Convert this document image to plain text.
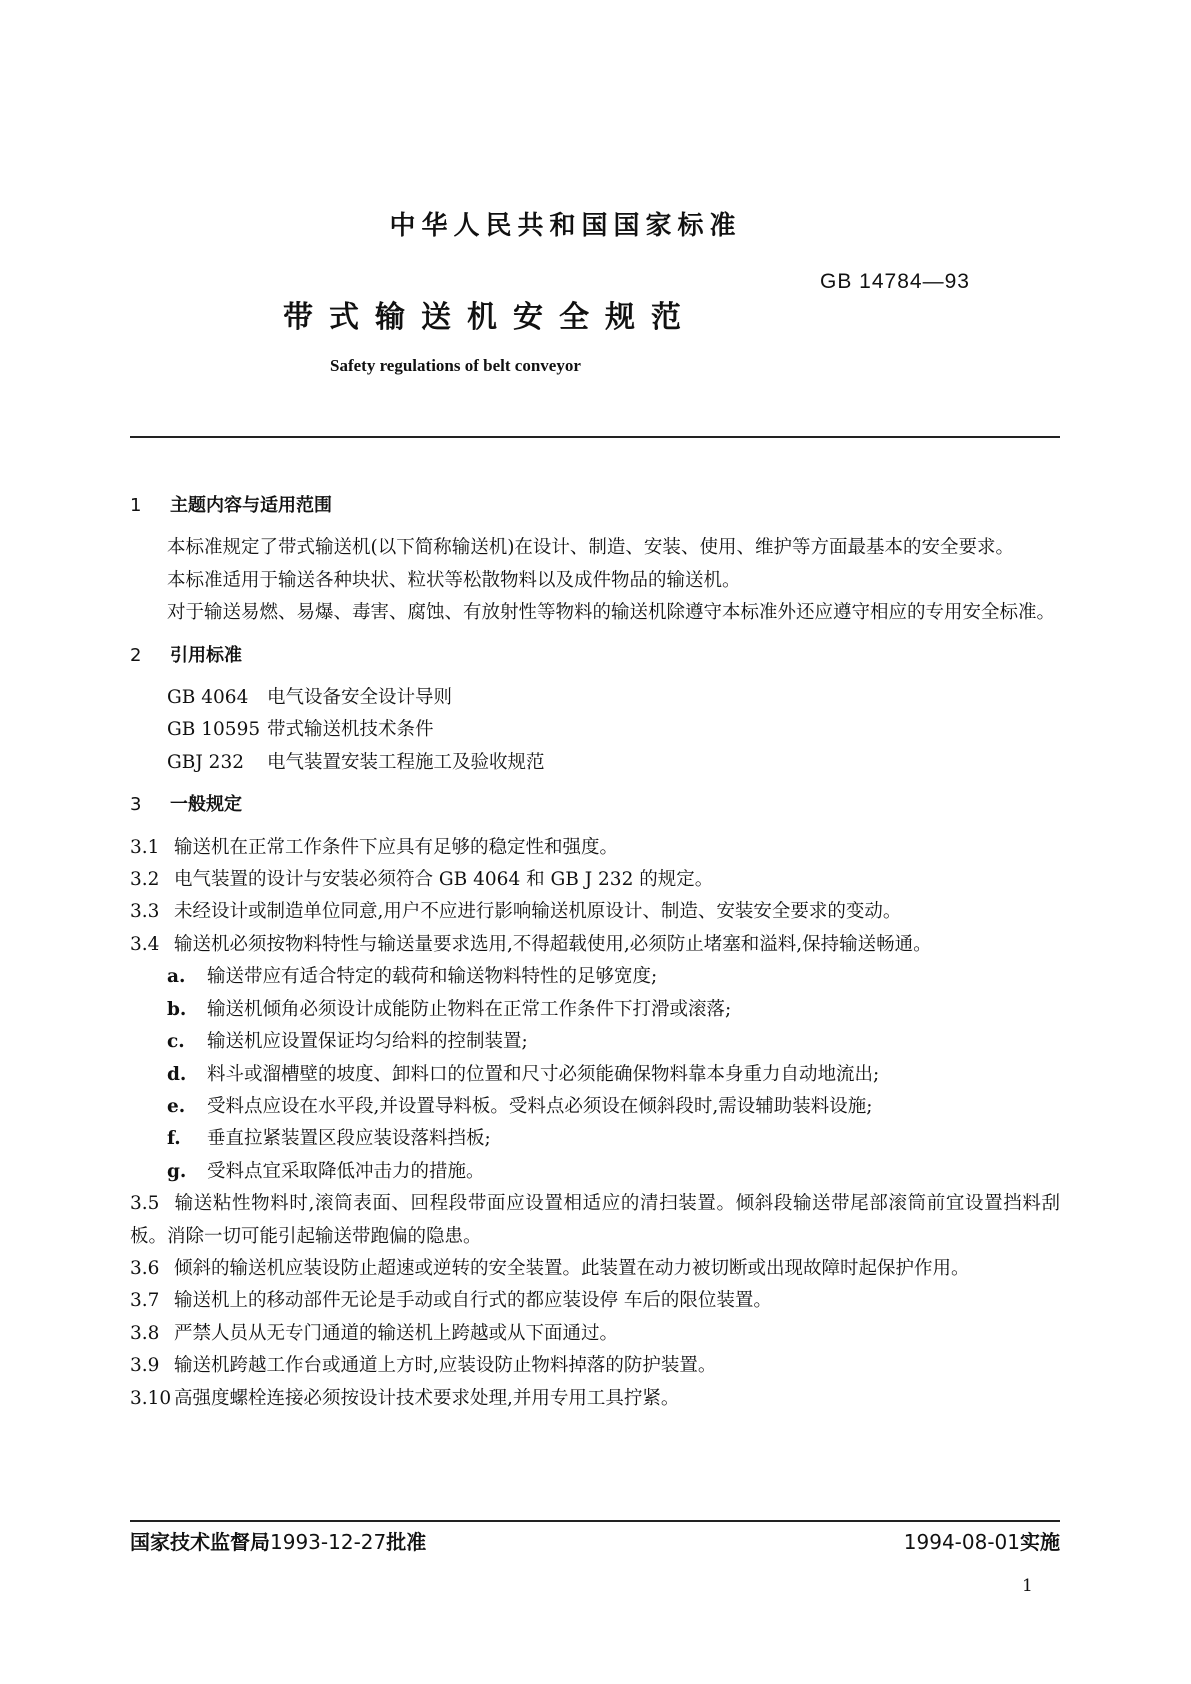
中华人民共和国国家标准
GB 14784—93
带式输送机安全规范
Safety regulations of belt conveyor
1 主题内容与适用范围
本标准规定了带式输送机(以下简称输送机)在设计、制造、安装、使用、维护等方面最基本的安全要求。
本标准适用于输送各种块状、粒状等松散物料以及成件物品的输送机。
对于输送易燃、易爆、毒害、腐蚀、有放射性等物料的输送机除遵守本标准外还应遵守相应的专用安全标准。
2 引用标准
GB 4064 电气设备安全设计导则
GB 10595 带式输送机技术条件
GBJ 232 电气装置安装工程施工及验收规范
3 一般规定
3.1 输送机在正常工作条件下应具有足够的稳定性和强度。
3.2 电气装置的设计与安装必须符合 GB 4064 和 GB J 232 的规定。
3.3 未经设计或制造单位同意,用户不应进行影响输送机原设计、制造、安装安全要求的变动。
3.4 输送机必须按物料特性与输送量要求选用,不得超载使用,必须防止堵塞和溢料,保持输送畅通。
a. 输送带应有适合特定的载荷和输送物料特性的足够宽度;
b. 输送机倾角必须设计成能防止物料在正常工作条件下打滑或滚落;
c. 输送机应设置保证均匀给料的控制装置;
d. 料斗或溜槽壁的坡度、卸料口的位置和尺寸必须能确保物料靠本身重力自动地流出;
e. 受料点应设在水平段,并设置导料板。受料点必须设在倾斜段时,需设辅助装料设施;
f. 垂直拉紧装置区段应装设落料挡板;
g. 受料点宜采取降低冲击力的措施。
3.5 输送粘性物料时,滚筒表面、回程段带面应设置相适应的清扫装置。倾斜段输送带尾部滚筒前宜设置挡料刮板。消除一切可能引起输送带跑偏的隐患。
3.6 倾斜的输送机应装设防止超速或逆转的安全装置。此装置在动力被切断或出现故障时起保护作用。
3.7 输送机上的移动部件无论是手动或自行式的都应装设停 车后的限位装置。
3.8 严禁人员从无专门通道的输送机上跨越或从下面通过。
3.9 输送机跨越工作台或通道上方时,应装设防止物料掉落的防护装置。
3.10 高强度螺栓连接必须按设计技术要求处理,并用专用工具拧紧。
国家技术监督局1993-12-27批准	1994-08-01实施
1
